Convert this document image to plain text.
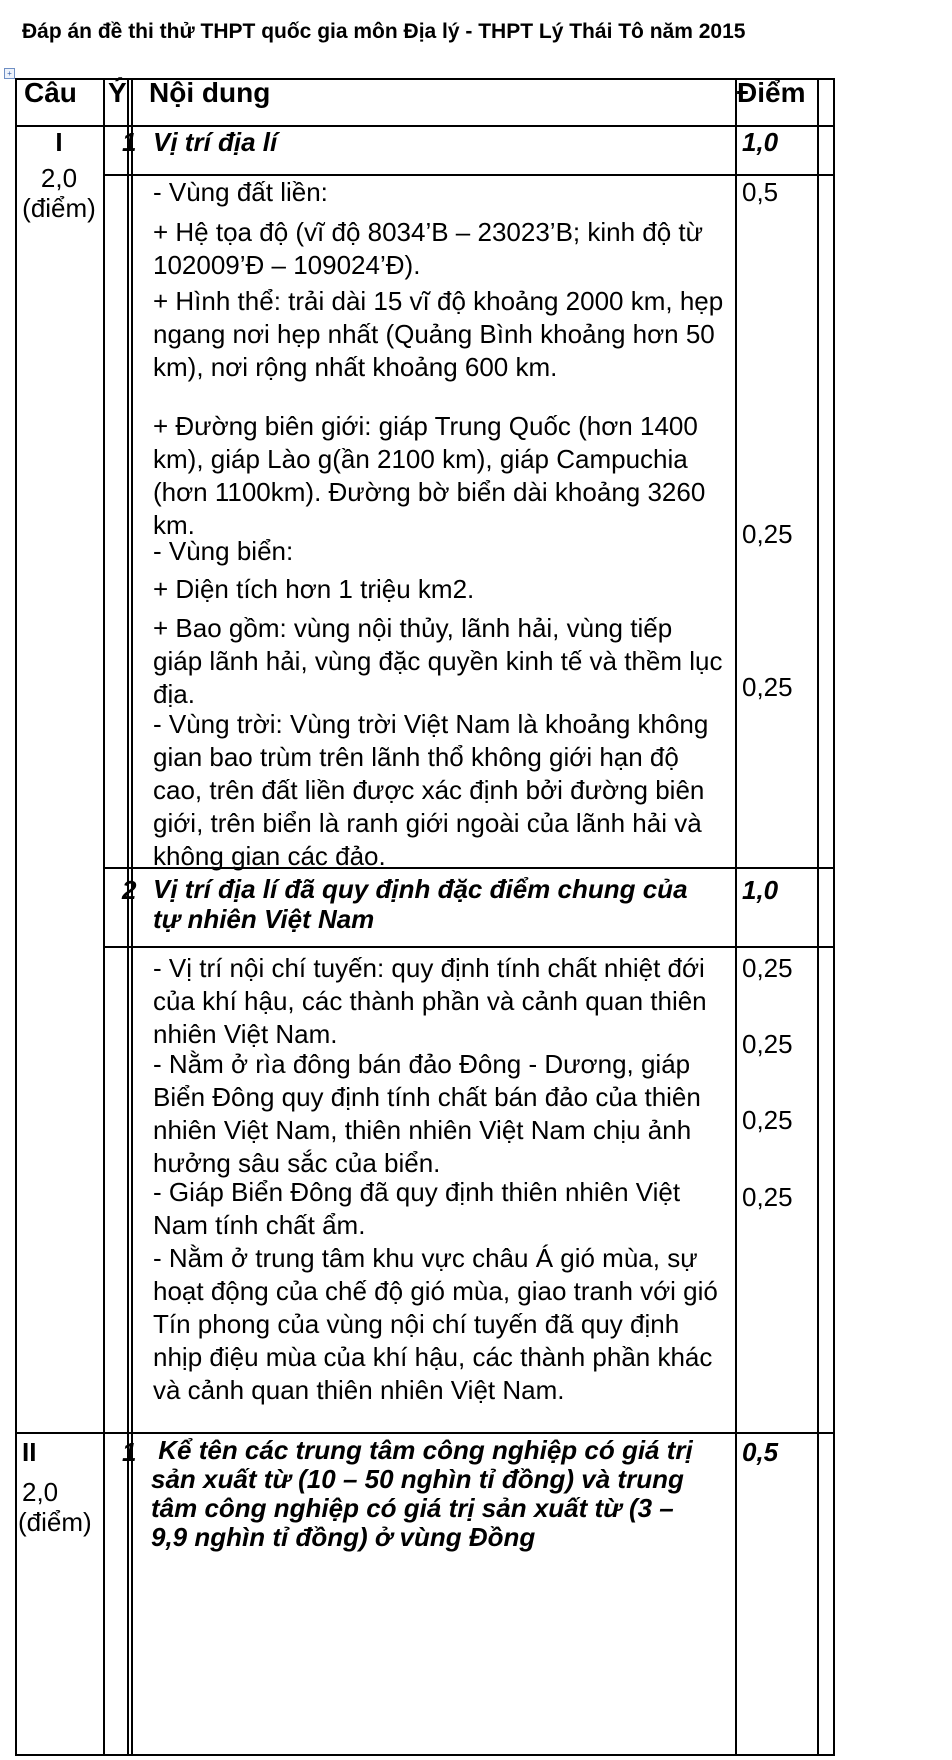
Đáp án đề thi thử THPT quốc gia môn Địa lý - THPT Lý Thái Tô năm 2015
+
Câu Ý Nội dung	Điểm
I
2,0
(điểm)
1 Vị trí địa lí	1,0
- Vùng đất liền:
+ Hệ tọa độ (vĩ độ 8034’B – 23023’B; kinh độ từ 102009’Đ – 109024’Đ).
+ Hình thể: trải dài 15 vĩ độ khoảng 2000 km, hẹp ngang nơi hẹp nhất (Quảng Bình khoảng hơn 50 km), nơi rộng nhất khoảng 600 km.
+ Đường biên giới: giáp Trung Quốc (hơn 1400 km), giáp Lào g(ần 2100 km), giáp Campuchia (hơn 1100km). Đường bờ biển dài khoảng 3260 km.
- Vùng biển:
+ Diện tích hơn 1 triệu km2.
+ Bao gồm: vùng nội thủy, lãnh hải, vùng tiếp giáp lãnh hải, vùng đặc quyền kinh tế và thềm lục địa.
- Vùng trời: Vùng trời Việt Nam là khoảng không gian bao trùm trên lãnh thổ không giới hạn độ cao, trên đất liền được xác định bởi đường biên giới, trên biển là ranh giới ngoài của lãnh hải và không gian các đảo.
0,5
0,25
0,25
2 Vị trí địa lí đã quy định đặc điểm chung của tự nhiên Việt Nam
1,0
- Vị trí nội chí tuyến: quy định tính chất nhiệt đới của khí hậu, các thành phần và cảnh quan thiên nhiên Việt Nam.
- Nằm ở rìa đông bán đảo Đông - Dương, giáp Biển Đông quy định tính chất bán đảo của thiên nhiên Việt Nam, thiên nhiên Việt Nam chịu ảnh hưởng sâu sắc của biển.
- Giáp Biển Đông đã quy định thiên nhiên Việt Nam tính chất ẩm.
- Nằm ở trung tâm khu vực châu Á gió mùa, sự hoạt động của chế độ gió mùa, giao tranh với gió Tín phong của vùng nội chí tuyến đã quy định nhịp điệu mùa của khí hậu, các thành phần khác và cảnh quan thiên nhiên Việt Nam.
0,25
0,25
0,25
0,25
II
2,0
(điểm)
1 Kể tên các trung tâm công nghiệp có giá trị sản xuất từ (10 – 50 nghìn tỉ đồng) và trung tâm công nghiệp có giá trị sản xuất từ (3 – 9,9 nghìn tỉ đồng) ở vùng Đồng
0,5
